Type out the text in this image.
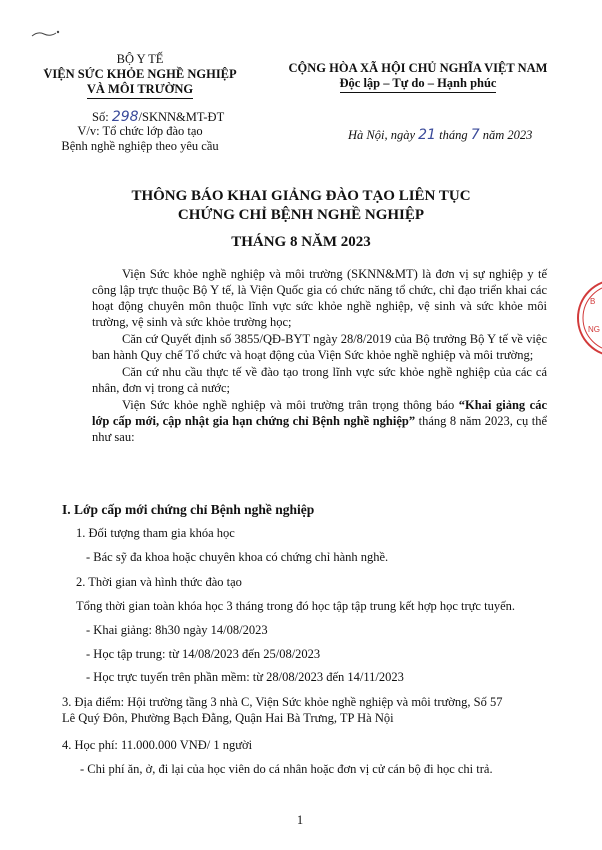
BỘ Y TẾ
VIỆN SỨC KHỎE NGHỀ NGHIỆP
VÀ MÔI TRƯỜNG
Số: 298/SKNN&MT-ĐT
V/v: Tổ chức lớp đào tạo
Bệnh nghề nghiệp theo yêu cầu
CỘNG HÒA XÃ HỘI CHỦ NGHĨA VIỆT NAM
Độc lập – Tự do – Hạnh phúc
Hà Nội, ngày 21 tháng 7 năm 2023
THÔNG BÁO KHAI GIẢNG ĐÀO TẠO LIÊN TỤC
CHỨNG CHỈ BỆNH NGHỀ NGHIỆP
THÁNG 8 NĂM 2023
Viện Sức khỏe nghề nghiệp và môi trường (SKNN&MT) là đơn vị sự nghiệp y tế công lập trực thuộc Bộ Y tế, là Viện Quốc gia có chức năng tổ chức, chỉ đạo triển khai các hoạt động chuyên môn thuộc lĩnh vực sức khỏe nghề nghiệp, vệ sinh và sức khỏe môi trường, vệ sinh và sức khỏe trường học;
Căn cứ Quyết định số 3855/QĐ-BYT ngày 28/8/2019 của Bộ trưởng Bộ Y tế về việc ban hành Quy chế Tổ chức và hoạt động của Viện Sức khỏe nghề nghiệp và môi trường;
Căn cứ nhu cầu thực tế về đào tạo trong lĩnh vực sức khỏe nghề nghiệp của các cá nhân, đơn vị trong cả nước;
Viện Sức khỏe nghề nghiệp và môi trường trân trọng thông báo “Khai giảng các lớp cấp mới, cập nhật gia hạn chứng chỉ Bệnh nghề nghiệp” tháng 8 năm 2023, cụ thể như sau:
I. Lớp cấp mới chứng chỉ Bệnh nghề nghiệp
1. Đối tượng tham gia khóa học
- Bác sỹ đa khoa hoặc chuyên khoa có chứng chỉ hành nghề.
2. Thời gian và hình thức đào tạo
Tổng thời gian toàn khóa học 3 tháng trong đó học tập tập trung kết hợp học trực tuyến.
- Khai giảng: 8h30 ngày 14/08/2023
- Học tập trung: từ 14/08/2023 đến 25/08/2023
- Học trực tuyến trên phần mềm: từ 28/08/2023 đến 14/11/2023
3. Địa điểm: Hội trường tầng 3 nhà C, Viện Sức khỏe nghề nghiệp và môi trường, Số 57
Lê Quý Đôn, Phường Bạch Đằng, Quận Hai Bà Trưng, TP Hà Nội
4. Học phí: 11.000.000 VNĐ/ 1 người
- Chi phí ăn, ở, đi lại của học viên do cá nhân hoặc đơn vị cử cán bộ đi học chi trả.
1
B
NG
